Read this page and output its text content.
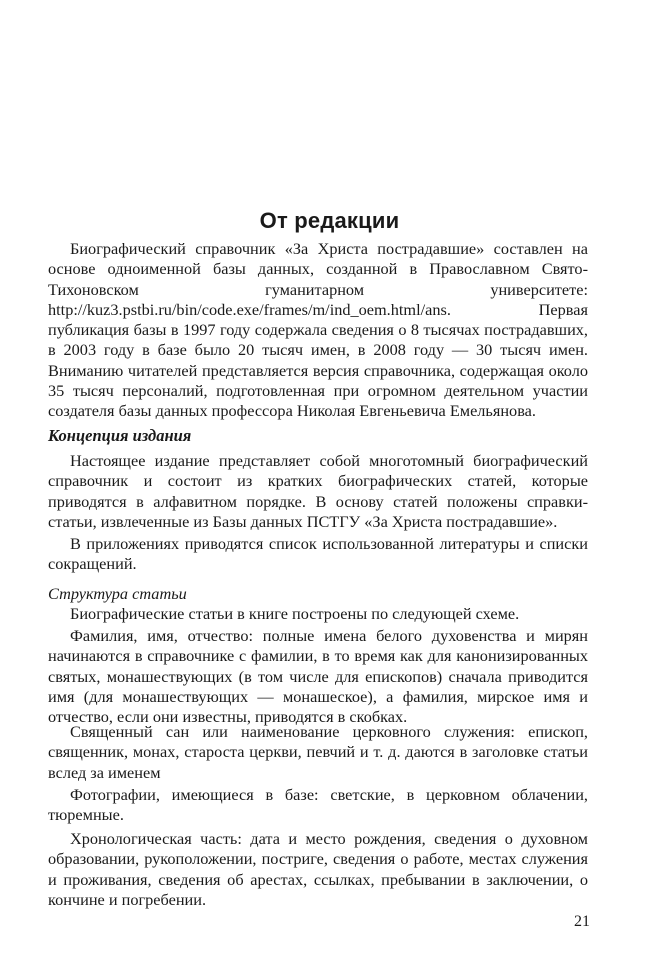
От редакции
Биографический справочник «За Христа пострадавшие» составлен на основе одноименной базы данных, созданной в Православном Свято-Тихоновском гуманитарном университете: http://kuz3.pstbi.ru/bin/code.exe/frames/m/ind_oem.html/ans. Первая публикация базы в 1997 году содержала сведения о 8 тысячах пострадавших, в 2003 году в базе было 20 тысяч имен, в 2008 году — 30 тысяч имен. Вниманию читателей представляется версия справочника, содержащая около 35 тысяч персоналий, подготовленная при огромном деятельном участии создателя базы данных профессора Николая Евгеньевича Емельянова.
Концепция издания
Настоящее издание представляет собой многотомный биографический справочник и состоит из кратких биографических статей, которые приводятся в алфавитном порядке. В основу статей положены справки-статьи, извлеченные из Базы данных ПСТГУ «За Христа пострадавшие».
В приложениях приводятся список использованной литературы и списки сокращений.
Структура статьи
Биографические статьи в книге построены по следующей схеме.
Фамилия, имя, отчество: полные имена белого духовенства и мирян начинаются в справочнике с фамилии, в то время как для канонизированных святых, монашествующих (в том числе для епископов) сначала приводится имя (для монашествующих — монашеское), а фамилия, мирское имя и отчество, если они известны, приводятся в скобках.
Священный сан или наименование церковного служения: епископ, священник, монах, староста церкви, певчий и т. д. даются в заголовке статьи вслед за именем
Фотографии, имеющиеся в базе: светские, в церковном облачении, тюремные.
Хронологическая часть: дата и место рождения, сведения о духовном образовании, рукоположении, постриге, сведения о работе, местах служения и проживания, сведения об арестах, ссылках, пребывании в заключении, о кончине и погребении.
21
